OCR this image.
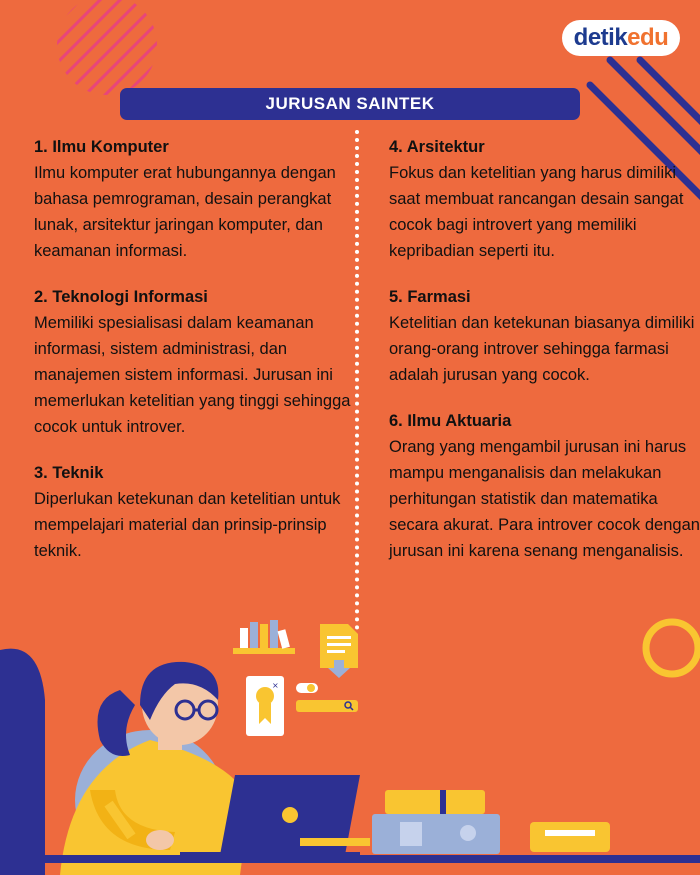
detik edu
JURUSAN SAINTEK
1. Ilmu Komputer
Ilmu komputer erat hubungannya dengan bahasa pemrograman, desain perangkat lunak, arsitektur jaringan komputer, dan keamanan informasi.
2. Teknologi Informasi
Memiliki spesialisasi dalam keamanan informasi, sistem administrasi, dan manajemen sistem informasi. Jurusan ini memerlukan ketelitian yang tinggi sehingga cocok untuk introver.
3. Teknik
Diperlukan ketekunan dan ketelitian untuk mempelajari material dan prinsip-prinsip teknik.
4. Arsitektur
Fokus dan ketelitian yang harus dimiliki saat membuat rancangan desain sangat cocok bagi introvert yang memiliki kepribadian seperti itu.
5. Farmasi
Ketelitian dan ketekunan biasanya dimiliki orang-orang introver sehingga farmasi adalah jurusan yang cocok.
6. Ilmu Aktuaria
Orang yang mengambil jurusan ini harus mampu menganalisis dan melakukan perhitungan statistik dan matematika secara akurat. Para introver cocok dengan jurusan ini karena senang menganalisis.
×
